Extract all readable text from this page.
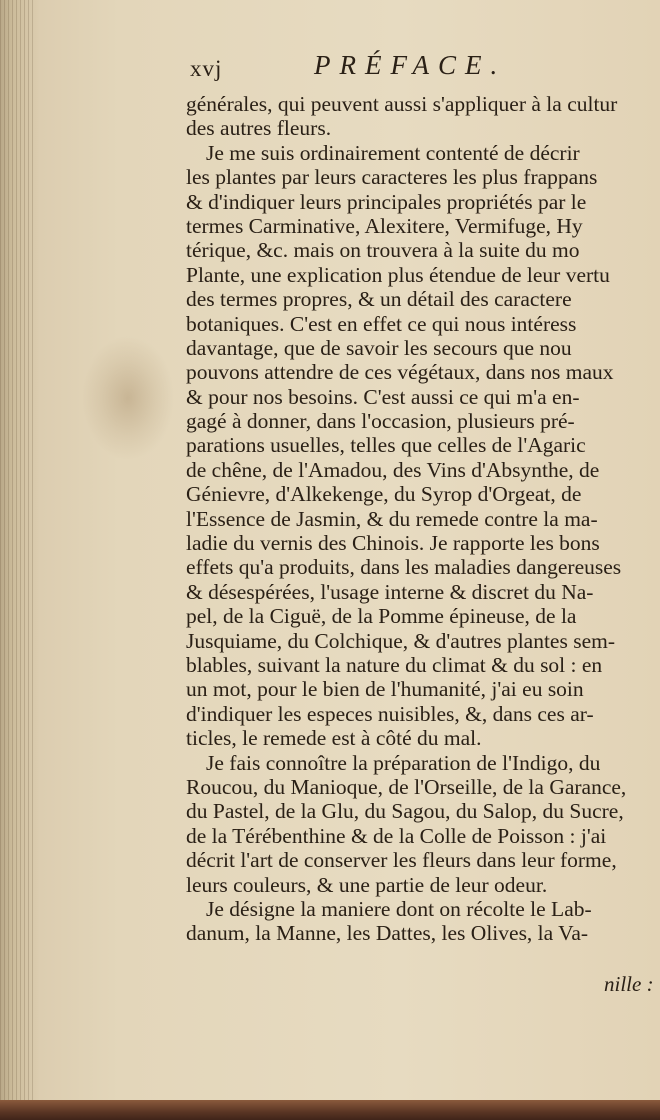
xvj	PRÉFACE.
générales, qui peuvent aussi s'appliquer à la cultur
des autres fleurs.
Je me suis ordinairement contenté de décrir
les plantes par leurs caracteres les plus frappans
& d'indiquer leurs principales propriétés par le
termes Carminative, Alexitere, Vermifuge, Hy
térique, &c. mais on trouvera à la suite du mo
Plante, une explication plus étendue de leur vertu
des termes propres, & un détail des caractere
botaniques. C'est en effet ce qui nous intéress
davantage, que de savoir les secours que nou
pouvons attendre de ces végétaux, dans nos maux
& pour nos besoins. C'est aussi ce qui m'a en-
gagé à donner, dans l'occasion, plusieurs pré-
parations usuelles, telles que celles de l'Agaric
de chêne, de l'Amadou, des Vins d'Absynthe, de
Génievre, d'Alkekenge, du Syrop d'Orgeat, de
l'Essence de Jasmin, & du remede contre la ma-
ladie du vernis des Chinois. Je rapporte les bons
effets qu'a produits, dans les maladies dangereuses
& désespérées, l'usage interne & discret du Na-
pel, de la Ciguë, de la Pomme épineuse, de la
Jusquiame, du Colchique, & d'autres plantes sem-
blables, suivant la nature du climat & du sol : en
un mot, pour le bien de l'humanité, j'ai eu soin
d'indiquer les especes nuisibles, &, dans ces ar-
ticles, le remede est à côté du mal.
Je fais connoître la préparation de l'Indigo, du
Roucou, du Manioque, de l'Orseille, de la Garance,
du Pastel, de la Glu, du Sagou, du Salop, du Sucre,
de la Térébenthine & de la Colle de Poisson : j'ai
décrit l'art de conserver les fleurs dans leur forme,
leurs couleurs, & une partie de leur odeur.
Je désigne la maniere dont on récolte le Lab-
danum, la Manne, les Dattes, les Olives, la Va-
nille :
